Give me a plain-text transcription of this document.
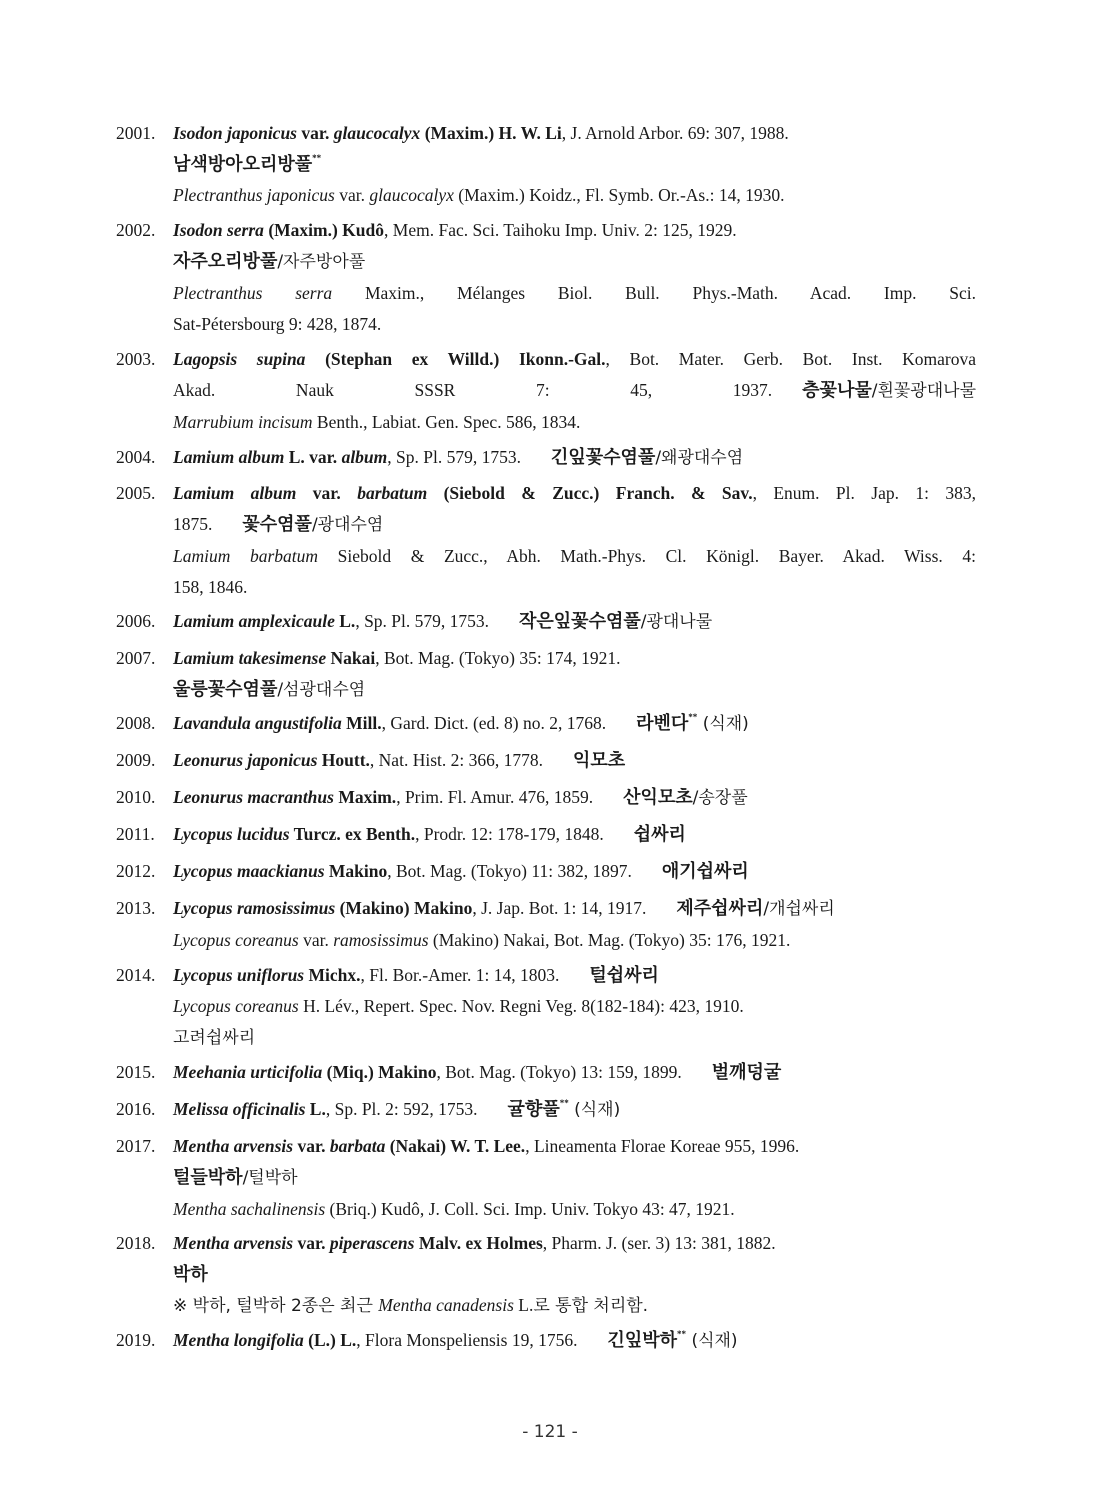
2001. Isodon japonicus var. glaucocalyx (Maxim.) H. W. Li, J. Arnold Arbor. 69: 307, 1988.
남색방아오리방풀**
Plectranthus japonicus var. glaucocalyx (Maxim.) Koidz., Fl. Symb. Or.-As.: 14, 1930.
2002. Isodon serra (Maxim.) Kudô, Mem. Fac. Sci. Taihoku Imp. Univ. 2: 125, 1929.
자주오리방풀/자주방아풀
Plectranthus serra Maxim., Mélanges Biol. Bull. Phys.-Math. Acad. Imp. Sci.
Sat-Pétersbourg 9: 428, 1874.
2003. Lagopsis supina (Stephan ex Willd.) Ikonn.-Gal., Bot. Mater. Gerb. Bot. Inst. Komarova
Akad. Nauk SSSR 7: 45, 1937. 층꽃나물/흰꽃광대나물
Marrubium incisum Benth., Labiat. Gen. Spec. 586, 1834.
2004. Lamium album L. var. album, Sp. Pl. 579, 1753. 긴잎꽃수염풀/왜광대수염
2005. Lamium album var. barbatum (Siebold & Zucc.) Franch. & Sav., Enum. Pl. Jap. 1: 383,
1875. 꽃수염풀/광대수염
Lamium barbatum Siebold & Zucc., Abh. Math.-Phys. Cl. Königl. Bayer. Akad. Wiss. 4:
158, 1846.
2006. Lamium amplexicaule L., Sp. Pl. 579, 1753. 작은잎꽃수염풀/광대나물
2007. Lamium takesimense Nakai, Bot. Mag. (Tokyo) 35: 174, 1921.
울릉꽃수염풀/섬광대수염
2008. Lavandula angustifolia Mill., Gard. Dict. (ed. 8) no. 2, 1768. 라벤다** (식재)
2009. Leonurus japonicus Houtt., Nat. Hist. 2: 366, 1778. 익모초
2010. Leonurus macranthus Maxim., Prim. Fl. Amur. 476, 1859. 산익모초/송장풀
2011. Lycopus lucidus Turcz. ex Benth., Prodr. 12: 178-179, 1848. 쉽싸리
2012. Lycopus maackianus Makino, Bot. Mag. (Tokyo) 11: 382, 1897. 애기쉽싸리
2013. Lycopus ramosissimus (Makino) Makino, J. Jap. Bot. 1: 14, 1917. 제주쉽싸리/개쉽싸리
Lycopus coreanus var. ramosissimus (Makino) Nakai, Bot. Mag. (Tokyo) 35: 176, 1921.
2014. Lycopus uniflorus Michx., Fl. Bor.-Amer. 1: 14, 1803. 털쉽싸리
Lycopus coreanus H. Lév., Repert. Spec. Nov. Regni Veg. 8(182-184): 423, 1910.
고려쉽싸리
2015. Meehania urticifolia (Miq.) Makino, Bot. Mag. (Tokyo) 13: 159, 1899. 벌깨덩굴
2016. Melissa officinalis L., Sp. Pl. 2: 592, 1753. 귤향풀** (식재)
2017. Mentha arvensis var. barbata (Nakai) W. T. Lee., Lineamenta Florae Koreae 955, 1996.
털들박하/털박하
Mentha sachalinensis (Briq.) Kudô, J. Coll. Sci. Imp. Univ. Tokyo 43: 47, 1921.
2018. Mentha arvensis var. piperascens Malv. ex Holmes, Pharm. J. (ser. 3) 13: 381, 1882.
박하
※ 박하, 털박하 2종은 최근 Mentha canadensis L.로 통합 처리함.
2019. Mentha longifolia (L.) L., Flora Monspeliensis 19, 1756. 긴잎박하** (식재)
- 121 -
